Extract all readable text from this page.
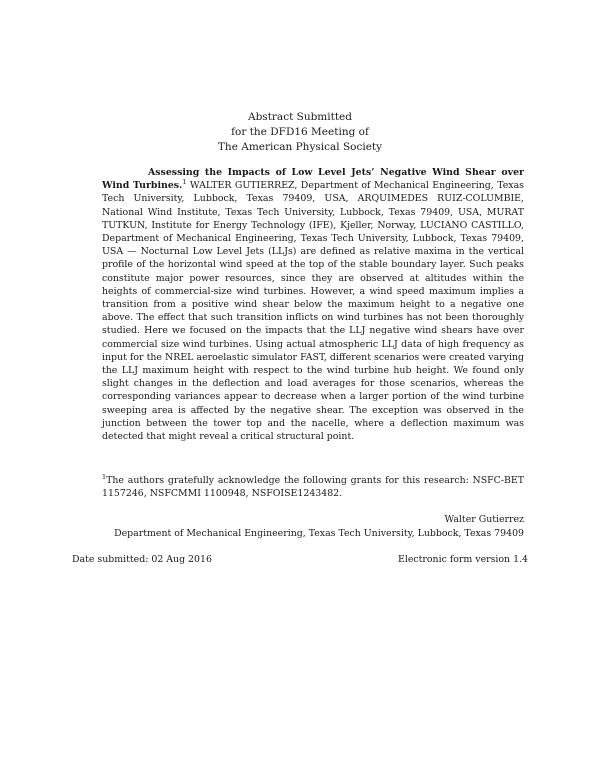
Abstract Submitted
for the DFD16 Meeting of
The American Physical Society
Assessing the Impacts of Low Level Jets’ Negative Wind Shear over Wind Turbines.$^1$ WALTER GUTIERREZ, Department of Mechanical Engineering, Texas Tech University, Lubbock, Texas 79409, USA, ARQUIMEDES RUIZ-COLUMBIE, National Wind Institute, Texas Tech University, Lubbock, Texas 79409, USA, MURAT TUTKUN, Institute for Energy Technology (IFE), Kjeller, Norway, LUCIANO CASTILLO, Department of Mechanical Engineering, Texas Tech University, Lubbock, Texas 79409, USA — Nocturnal Low Level Jets (LLJs) are defined as relative maxima in the vertical profile of the horizontal wind speed at the top of the stable boundary layer. Such peaks constitute major power resources, since they are observed at altitudes within the heights of commercial-size wind turbines. However, a wind speed maximum implies a transition from a positive wind shear below the maximum height to a negative one above. The effect that such transition inflicts on wind turbines has not been thoroughly studied. Here we focused on the impacts that the LLJ negative wind shears have over commercial size wind turbines. Using actual atmospheric LLJ data of high frequency as input for the NREL aeroelastic simulator FAST, different scenarios were created varying the LLJ maximum height with respect to the wind turbine hub height. We found only slight changes in the deflection and load averages for those scenarios, whereas the corresponding variances appear to decrease when a larger portion of the wind turbine sweeping area is affected by the negative shear. The exception was observed in the junction between the tower top and the nacelle, where a deflection maximum was detected that might reveal a critical structural point.
$^1$The authors gratefully acknowledge the following grants for this research: NSFC-BET 1157246, NSFCMMI 1100948, NSFOISE1243482.
Walter Gutierrez
Department of Mechanical Engineering, Texas Tech University, Lubbock, Texas 79409
Date submitted: 02 Aug 2016	Electronic form version 1.4
